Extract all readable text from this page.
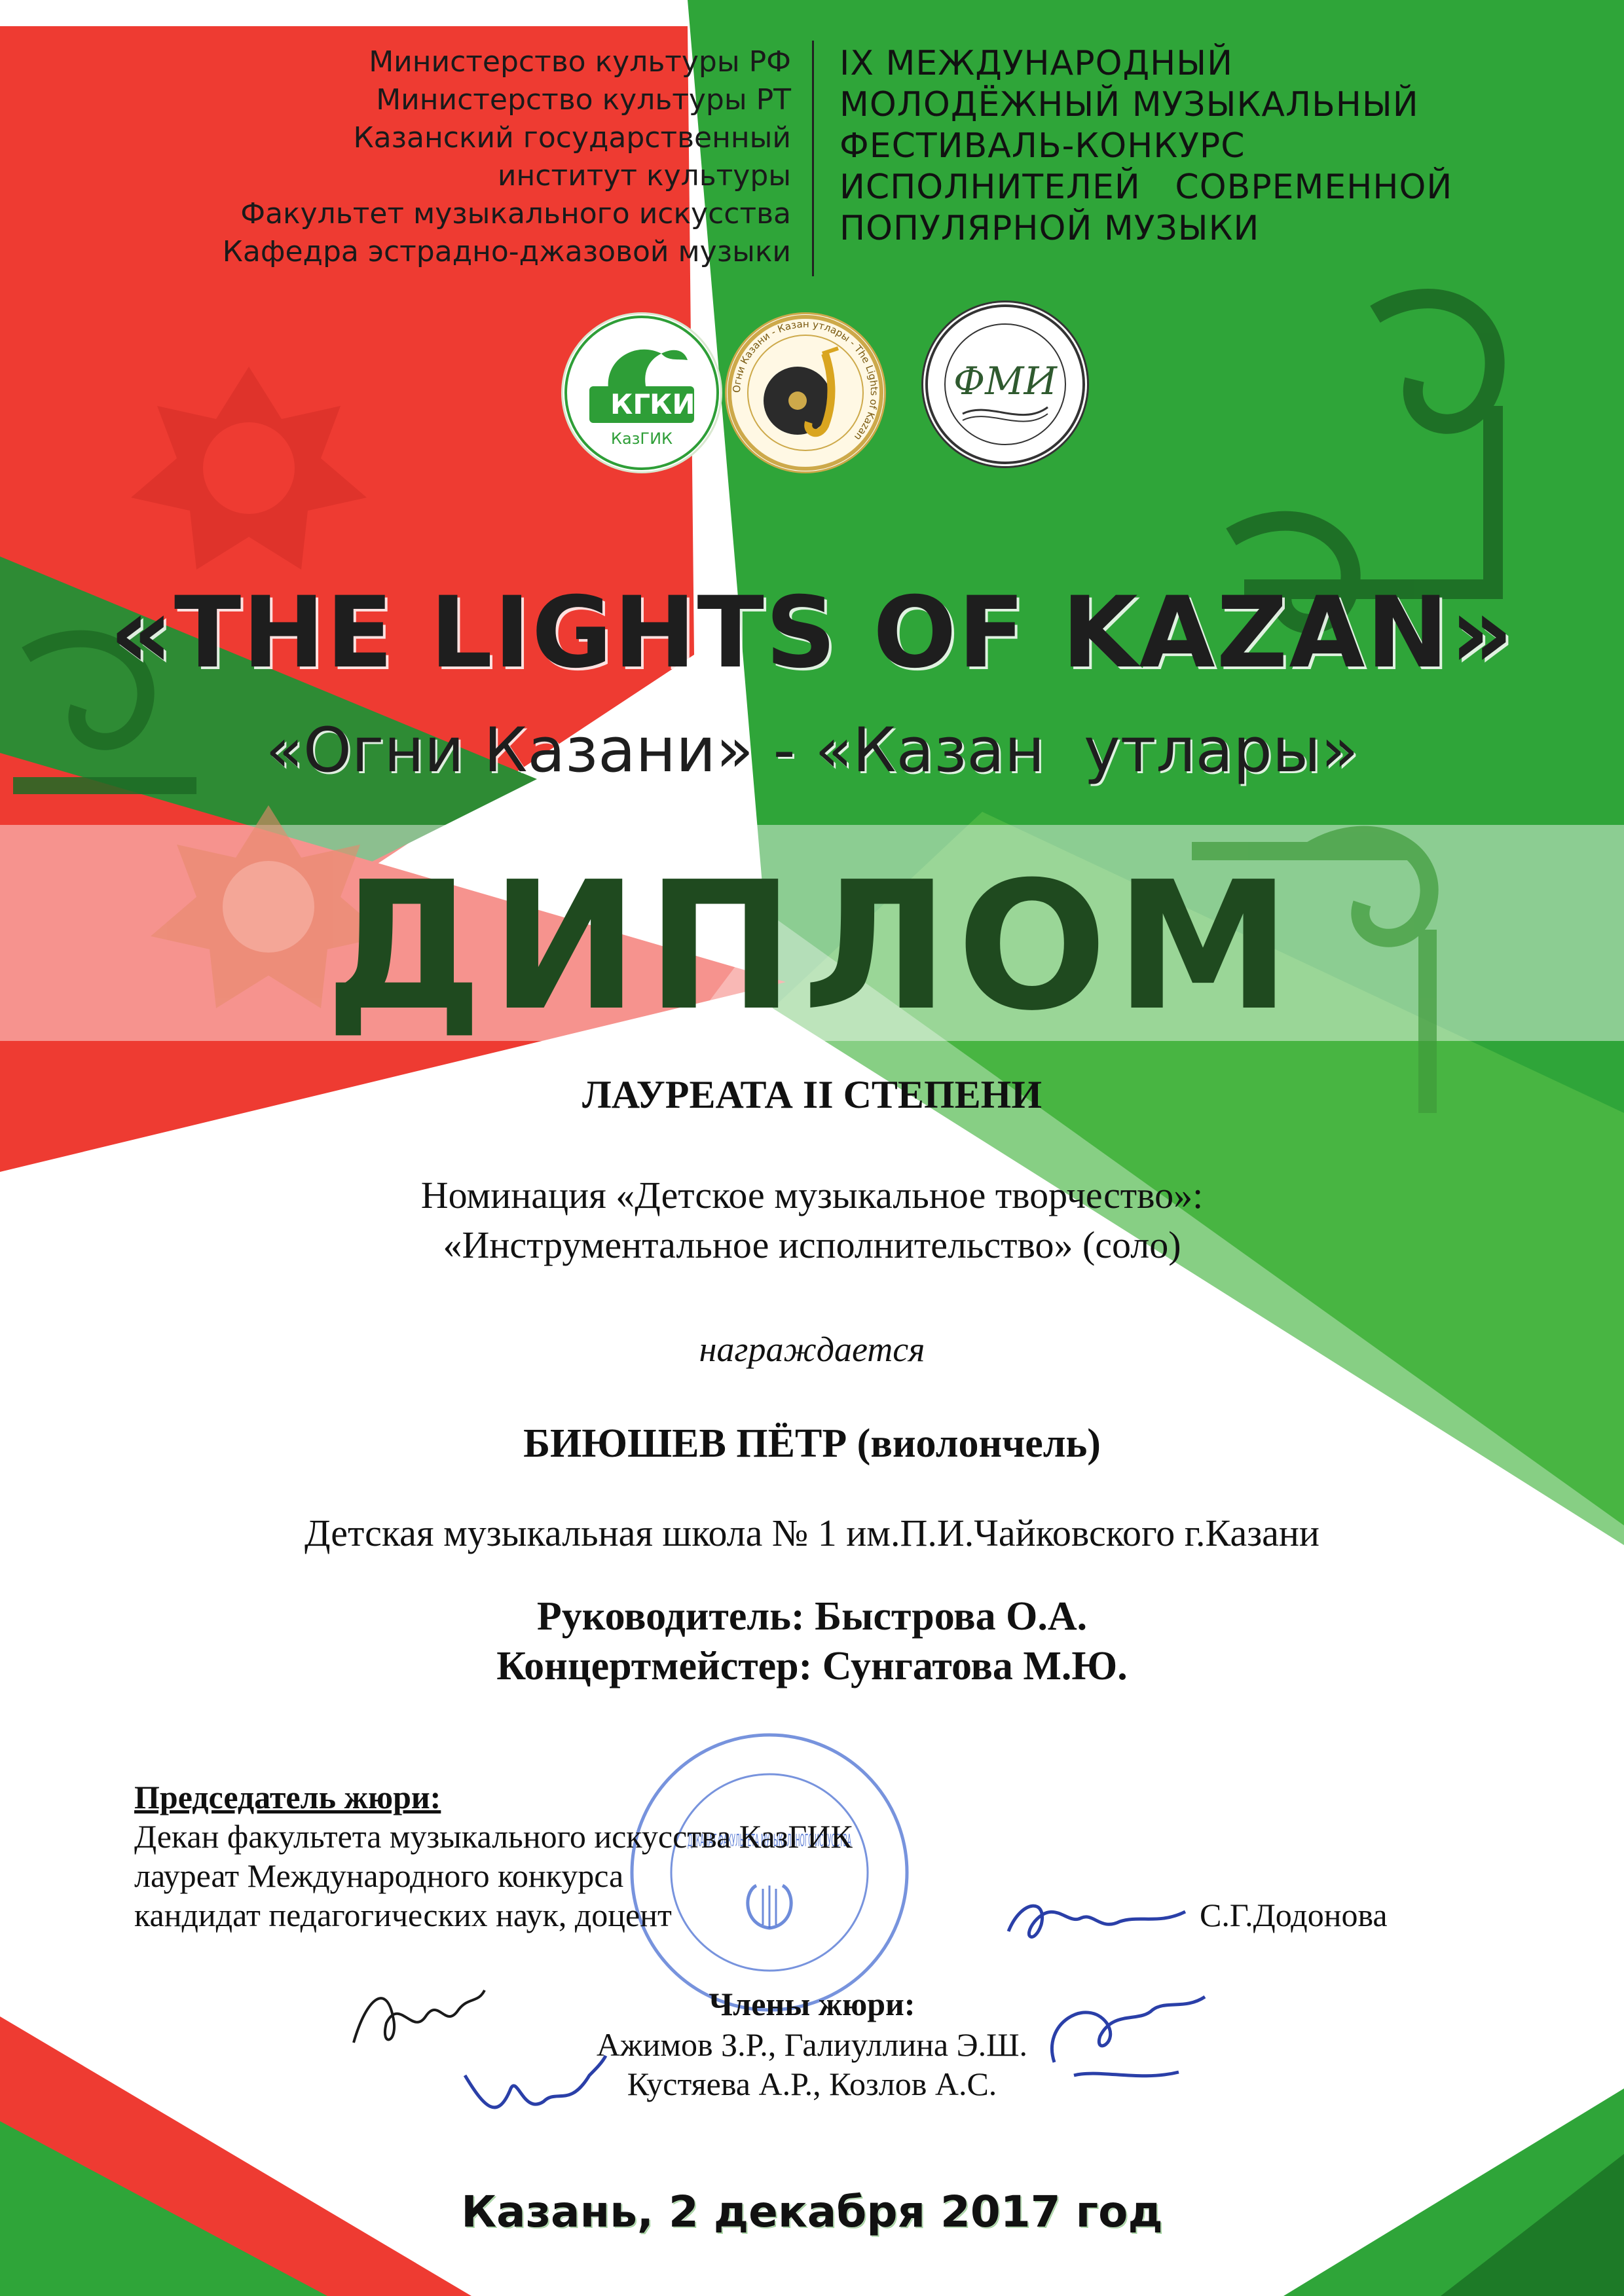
Министерство культуры РФ
Министерство культуры РТ
Казанский государственный
институт культуры
Факультет музыкального искусства
Кафедра эстрадно-джазовой музыки
IX МЕЖДУНАРОДНЫЙ
МОЛОДЁЖНЫЙ МУЗЫКАЛЬНЫЙ
ФЕСТИВАЛЬ-КОНКУРС
ИСПОЛНИТЕЛЕЙ   СОВРЕМЕННОЙ
ПОПУЛЯРНОЙ МУЗЫКИ
КГ
КИ
КазГИК
Огни Казани - Казан утлары - The Lights of Kazan
ФМИ
«THE LIGHTS OF KAZAN»
«Огни Казани» - «Казан  утлары»
ДИПЛОМ
ЛАУРЕАТА II СТЕПЕНИ
Номинация «Детское музыкальное творчество»:
«Инструментальное исполнительство» (соло)
награждается
БИЮШЕВ ПЁТР (виолончель)
Детская музыкальная школа № 1 им.П.И.Чайковского г.Казани
Руководитель: Быстрова О.А.
Концертмейстер: Сунгатова М.Ю.
ДЕКАНАТ ФАКУЛЬТЕТА МУЗЫКАЛЬНОГО ИСКУССТВА
Председатель жюри:
Декан факультета музыкального искусства КазГИК
лауреат Международного конкурса
кандидат педагогических наук, доцент	С.Г.Додонова
Члены жюри:
Ажимов З.Р., Галиуллина Э.Ш.
Кустяева А.Р., Козлов А.С.
Казань, 2 декабря 2017 год
